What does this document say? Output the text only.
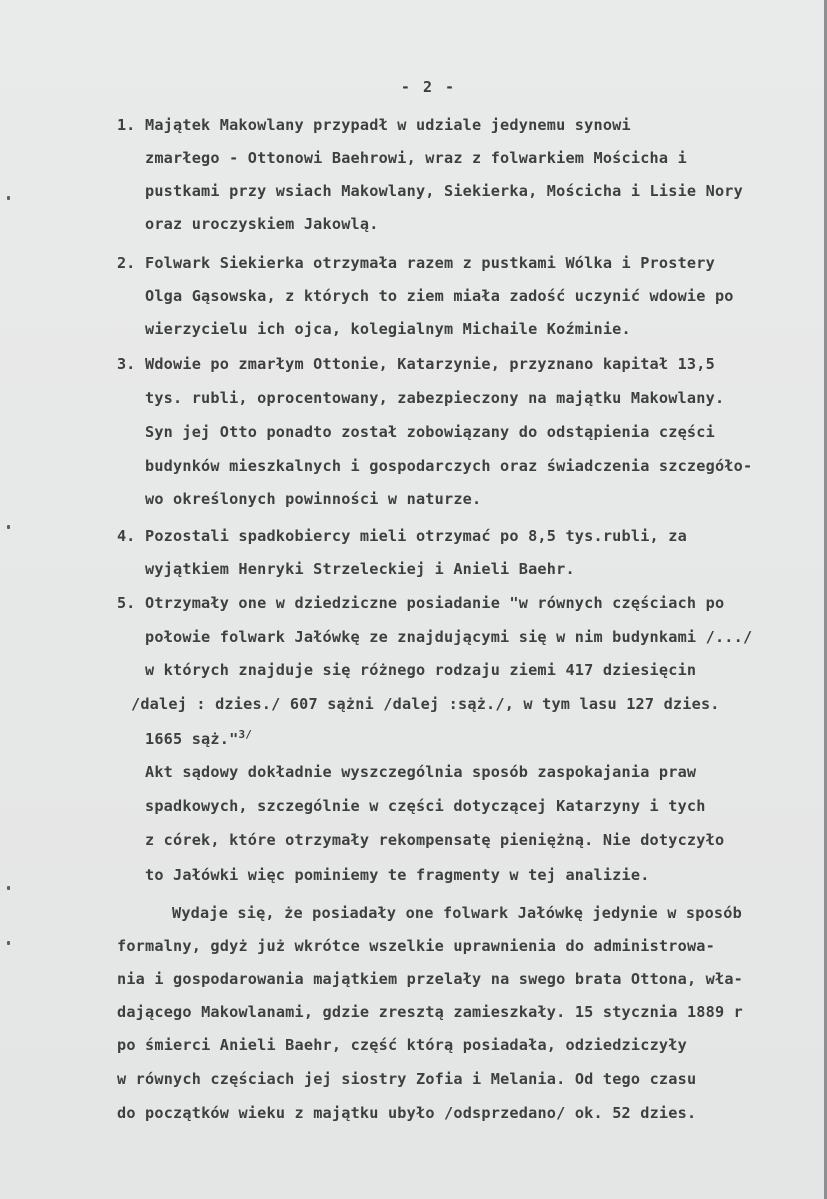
- 2 -
1. Majątek Makowlany przypadł w udziale jedynemu synowi
zmarłego - Ottonowi Baehrowi, wraz z folwarkiem Mościcha i
pustkami przy wsiach Makowlany, Siekierka, Mościcha i Lisie Nory
oraz uroczyskiem Jakowlą.
2. Folwark Siekierka otrzymała razem z pustkami Wólka i Prostery
Olga Gąsowska, z których to ziem miała zadość uczynić wdowie po
wierzycielu ich ojca, kolegialnym Michaile Koźminie.
3. Wdowie po zmarłym Ottonie, Katarzynie, przyznano kapitał 13,5
tys. rubli, oprocentowany, zabezpieczony na majątku Makowlany.
Syn jej Otto ponadto został zobowiązany do odstąpienia części
budynków mieszkalnych i gospodarczych oraz świadczenia szczegóło-
wo określonych powinności w naturze.
4. Pozostali spadkobiercy mieli otrzymać po 8,5 tys.rubli, za
wyjątkiem Henryki Strzeleckiej i Anieli Baehr.
5. Otrzymały one w dziedziczne posiadanie "w równych częściach po
połowie folwark Jałówkę ze znajdującymi się w nim budynkami /.../
w których znajduje się różnego rodzaju ziemi 417 dziesięcin
/dalej : dzies./ 607 sążni /dalej :sąż./, w tym lasu 127 dzies.
1665 sąż."$^{3/}$
Akt sądowy dokładnie wyszczególnia sposób zaspokajania praw
spadkowych, szczególnie w części dotyczącej Katarzyny i tych
z córek, które otrzymały rekompensatę pieniężną. Nie dotyczyło
to Jałówki więc pominiemy te fragmenty w tej analizie.
Wydaje się, że posiadały one folwark Jałówkę jedynie w sposób
formalny, gdyż już wkrótce wszelkie uprawnienia do administrowa-
nia i gospodarowania majątkiem przelały na swego brata Ottona, wła-
dającego Makowlanami, gdzie zresztą zamieszkały. 15 stycznia 1889 r
po śmierci Anieli Baehr, część którą posiadała, odziedziczyły
w równych częściach jej siostry Zofia i Melania. Od tego czasu
do początków wieku z majątku ubyło /odsprzedano/ ok. 52 dzies.
